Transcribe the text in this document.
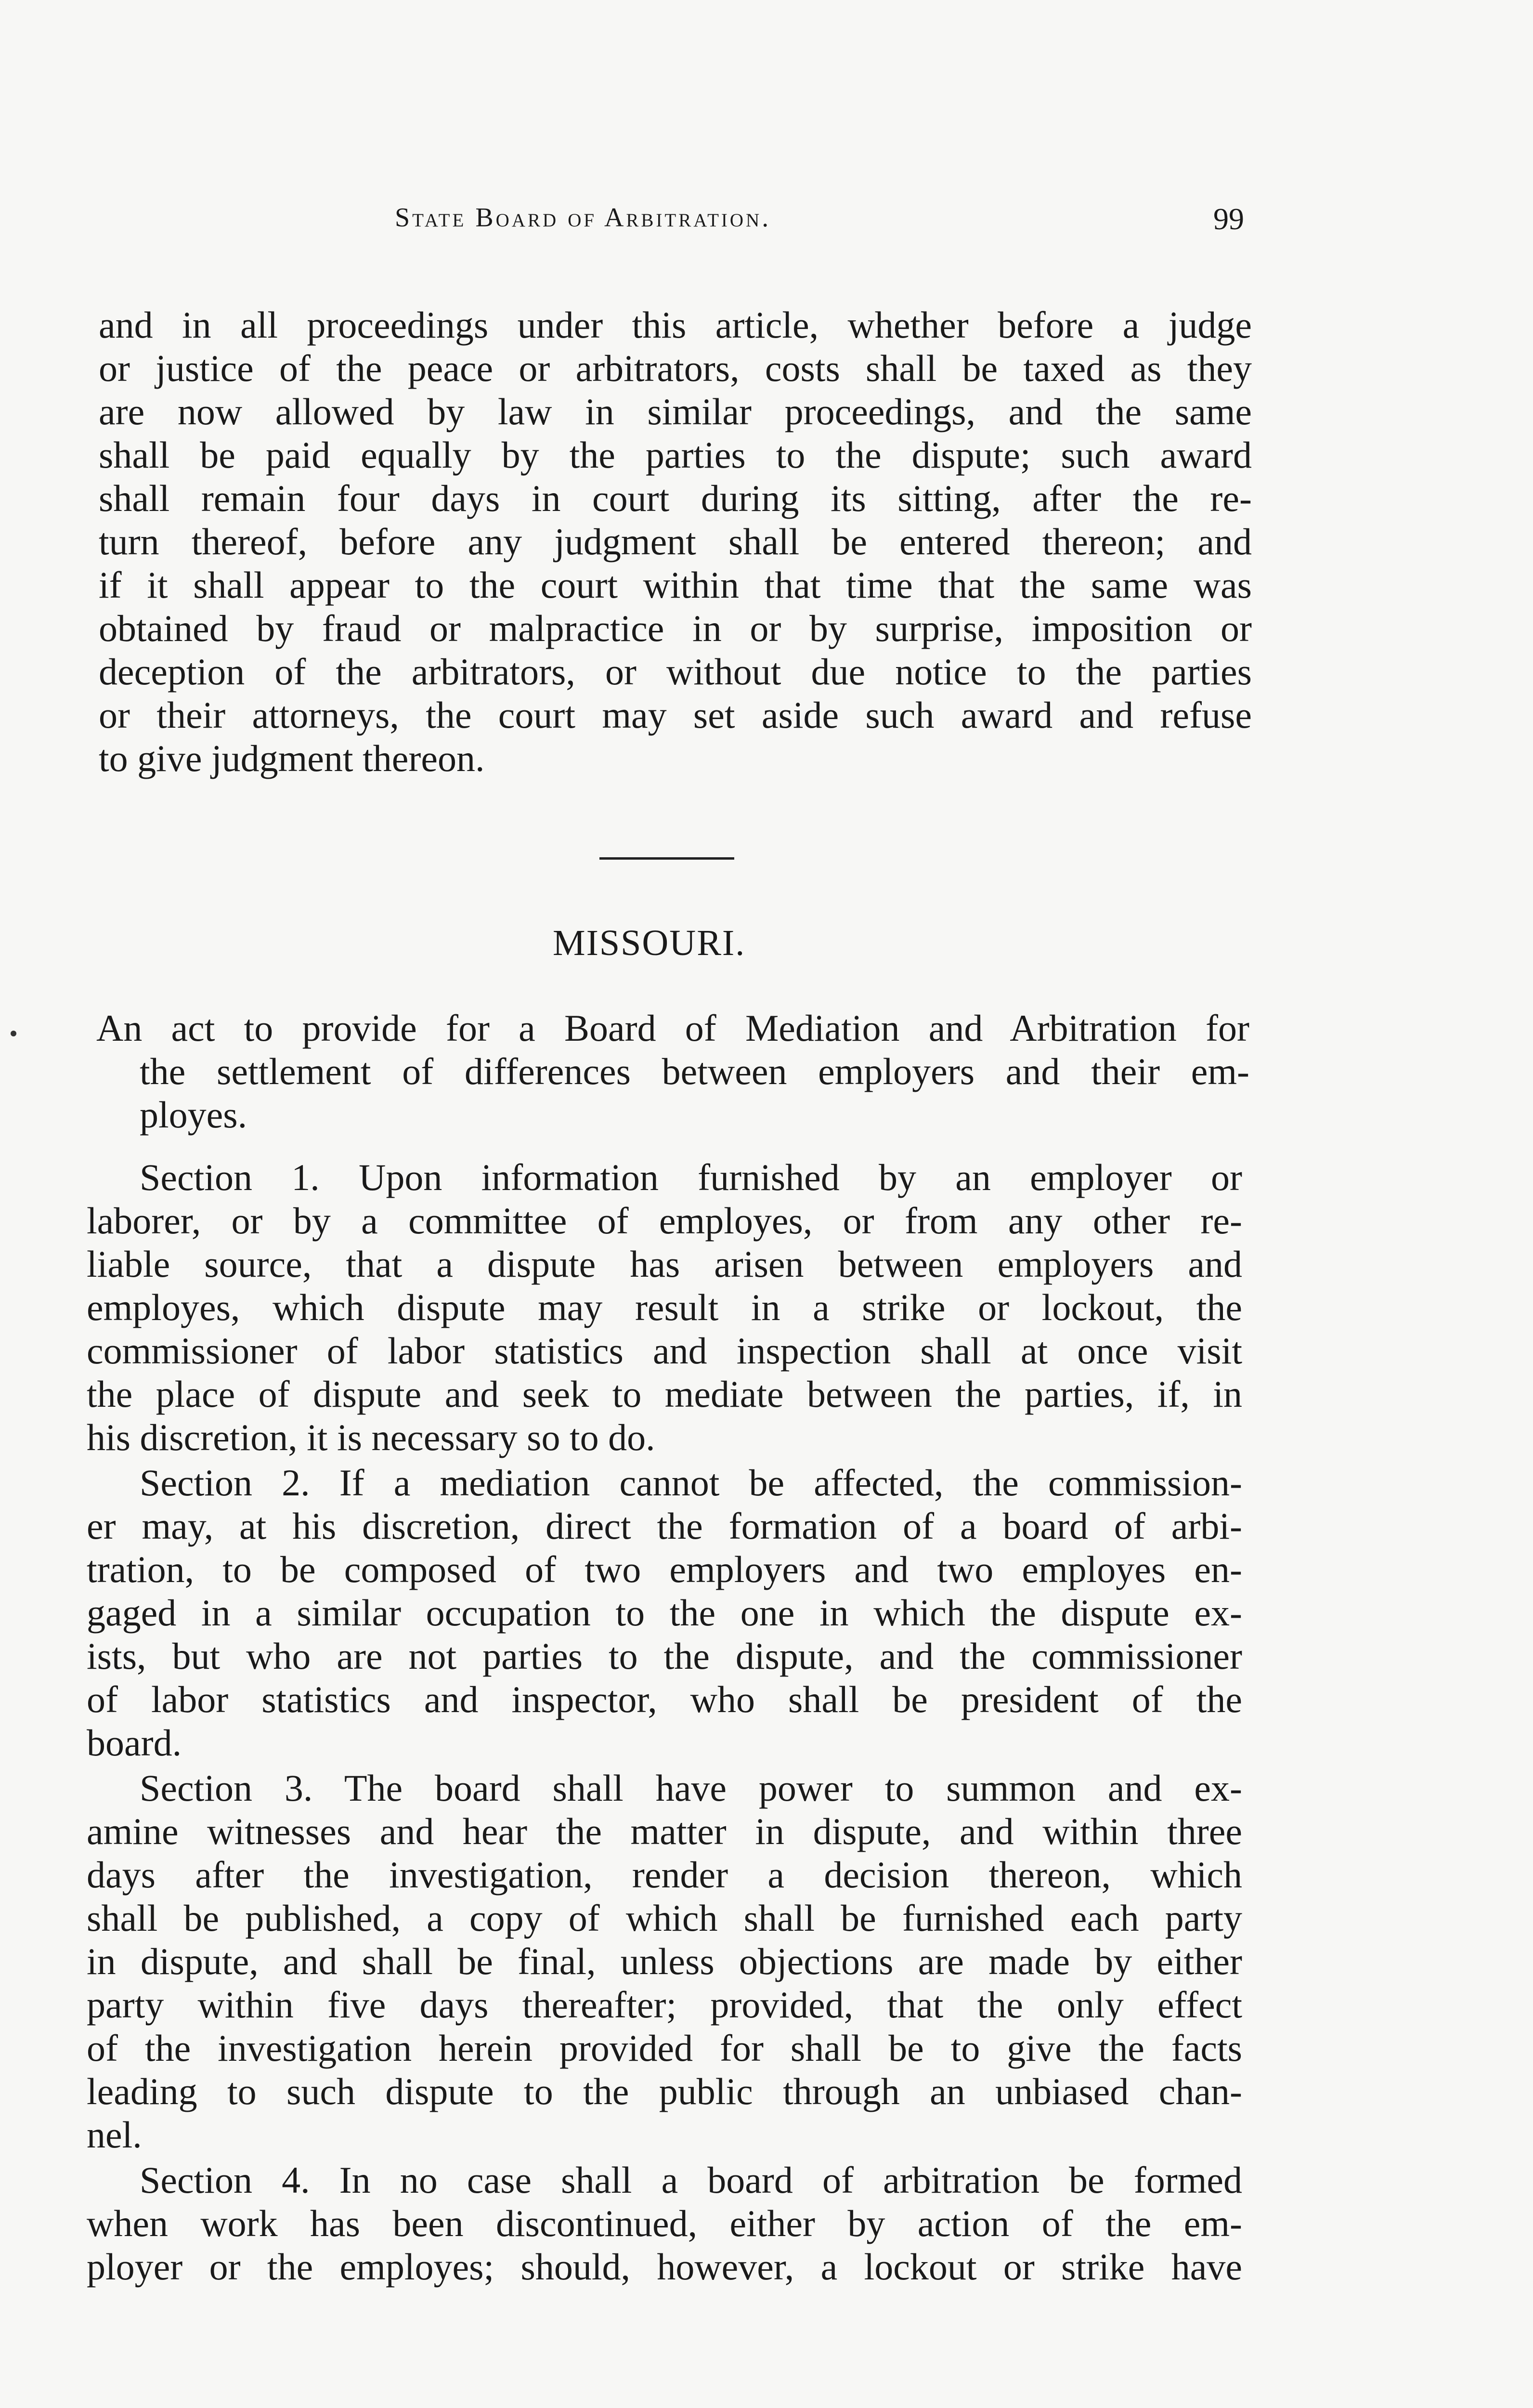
State Board of Arbitration.	99
and in all proceedings under this article, whether before a judge
or justice of the peace or arbitrators, costs shall be taxed as they
are now allowed by law in similar proceedings, and the same
shall be paid equally by the parties to the dispute; such award
shall remain four days in court during its sitting, after the re-
turn thereof, before any judgment shall be entered thereon; and
if it shall appear to the court within that time that the same was
obtained by fraud or malpractice in or by surprise, imposition or
deception of the arbitrators, or without due notice to the parties
or their attorneys, the court may set aside such award and refuse
to give judgment thereon.
MISSOURI.
An act to provide for a Board of Mediation and Arbitration for
the settlement of differences between employers and their em-
ployes.
Section 1. Upon information furnished by an employer or
laborer, or by a committee of employes, or from any other re-
liable source, that a dispute has arisen between employers and
employes, which dispute may result in a strike or lockout, the
commissioner of labor statistics and inspection shall at once visit
the place of dispute and seek to mediate between the parties, if, in
his discretion, it is necessary so to do.
Section 2. If a mediation cannot be affected, the commission-
er may, at his discretion, direct the formation of a board of arbi-
tration, to be composed of two employers and two employes en-
gaged in a similar occupation to the one in which the dispute ex-
ists, but who are not parties to the dispute, and the commissioner
of labor statistics and inspector, who shall be president of the
board.
Section 3. The board shall have power to summon and ex-
amine witnesses and hear the matter in dispute, and within three
days after the investigation, render a decision thereon, which
shall be published, a copy of which shall be furnished each party
in dispute, and shall be final, unless objections are made by either
party within five days thereafter; provided, that the only effect
of the investigation herein provided for shall be to give the facts
leading to such dispute to the public through an unbiased chan-
nel.
Section 4. In no case shall a board of arbitration be formed
when work has been discontinued, either by action of the em-
ployer or the employes; should, however, a lockout or strike have
